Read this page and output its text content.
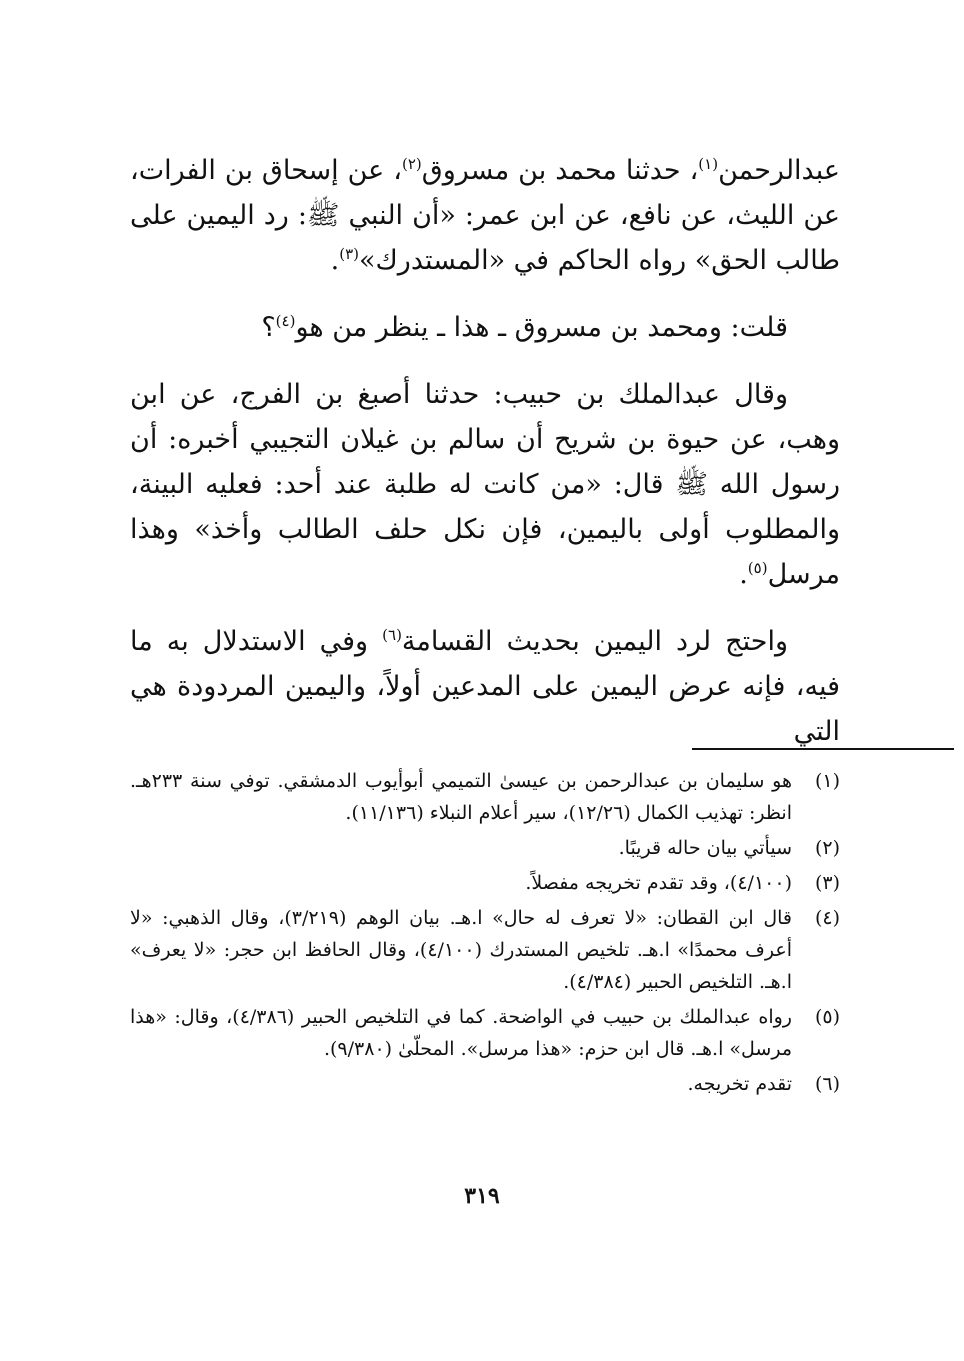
عبدالرحمن$^{(١)}$، حدثنا محمد بن مسروق$^{(٢)}$، عن إسحاق بن الفرات، عن الليث، عن نافع، عن ابن عمر: «أن النبي ﷺ: رد اليمين على طالب الحق» رواه الحاكم في «المستدرك»$^{(٣)}$.

قلت: ومحمد بن مسروق ـ هذا ـ ينظر من هو$^{(٤)}$؟

وقال عبدالملك بن حبيب: حدثنا أصبغ بن الفرج، عن ابن وهب، عن حيوة بن شريح أن سالم بن غيلان التجيبي أخبره: أن رسول الله ﷺ قال: «من كانت له طلبة عند أحد: فعليه البينة، والمطلوب أولى باليمين، فإن نكل حلف الطالب وأخذ» وهذا مرسل$^{(٥)}$.

واحتج لرد اليمين بحديث القسامة$^{(٦)}$ وفي الاستدلال به ما فيه، فإنه عرض اليمين على المدعين أولاً، واليمين المردودة هي التي

(١)
هو سليمان بن عبدالرحمن بن عيسىٰ التميمي أبوأيوب الدمشقي. توفي سنة ٢٣٣هـ. انظر: تهذيب الكمال (١٢/٢٦)، سير أعلام النبلاء (١١/١٣٦).
(٢)
سيأتي بيان حاله قريبًا.
(٣)
(٤/١٠٠)، وقد تقدم تخريجه مفصلاً.
(٤)
قال ابن القطان: «لا تعرف له حال» ا.هـ. بيان الوهم (٣/٢١٩)، وقال الذهبي: «لا أعرف محمدًا» ا.هـ. تلخيص المستدرك (٤/١٠٠)، وقال الحافظ ابن حجر: «لا يعرف» ا.هـ. التلخيص الحبير (٤/٣٨٤).
(٥)
رواه عبدالملك بن حبيب في الواضحة. كما في التلخيص الحبير (٤/٣٨٦)، وقال: «هذا مرسل» ا.هـ. قال ابن حزم: «هذا مرسل». المحلّىٰ (٩/٣٨٠).
(٦)
تقدم تخريجه.
٣١٩
